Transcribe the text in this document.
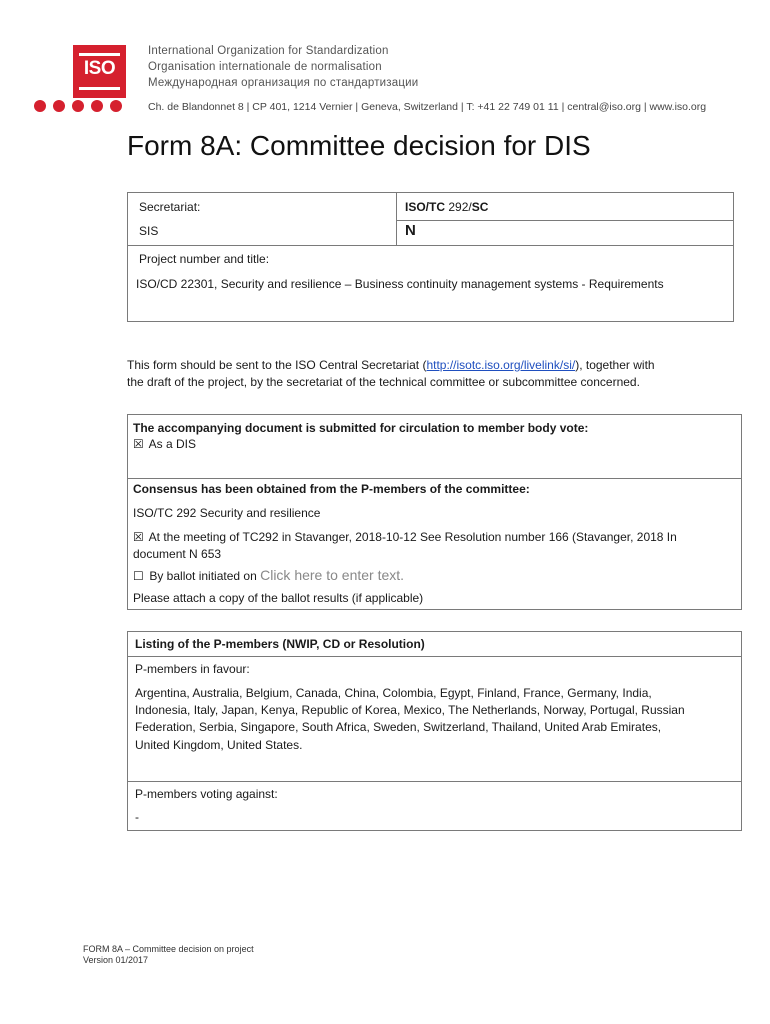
ISO
International Organization for Standardization
Organisation internationale de normalisation
Международная организация по стандартизации
Ch. de Blandonnet 8 | CP 401, 1214 Vernier | Geneva, Switzerland | T: +41 22 749 01 11 | central@iso.org | www.iso.org
Form 8A: Committee decision for DIS
Secretariat:
SIS
ISO/TC 292/SC
N
Project number and title:
ISO/CD 22301, Security and resilience – Business continuity management systems - Requirements
This form should be sent to the ISO Central Secretariat (http://isotc.iso.org/livelink/si/), together with
the draft of the project, by the secretariat of the technical committee or subcommittee concerned.
The accompanying document is submitted for circulation to member body vote:
☒ As a DIS
Consensus has been obtained from the P-members of the committee:
ISO/TC 292 Security and resilience
☒ At the meeting of TC292 in Stavanger, 2018-10-12 See Resolution number 166 (Stavanger, 2018 In
document N 653
☐ By ballot initiated on Click here to enter text.
Please attach a copy of the ballot results (if applicable)
Listing of the P-members (NWIP, CD or Resolution)
P-members in favour:
Argentina, Australia, Belgium, Canada, China, Colombia, Egypt, Finland, France, Germany, India,
Indonesia, Italy, Japan, Kenya, Republic of Korea, Mexico, The Netherlands, Norway, Portugal, Russian
Federation, Serbia, Singapore, South Africa, Sweden, Switzerland, Thailand, United Arab Emirates,
United Kingdom, United States.
P-members voting against:
-
FORM 8A – Committee decision on project
Version 01/2017
